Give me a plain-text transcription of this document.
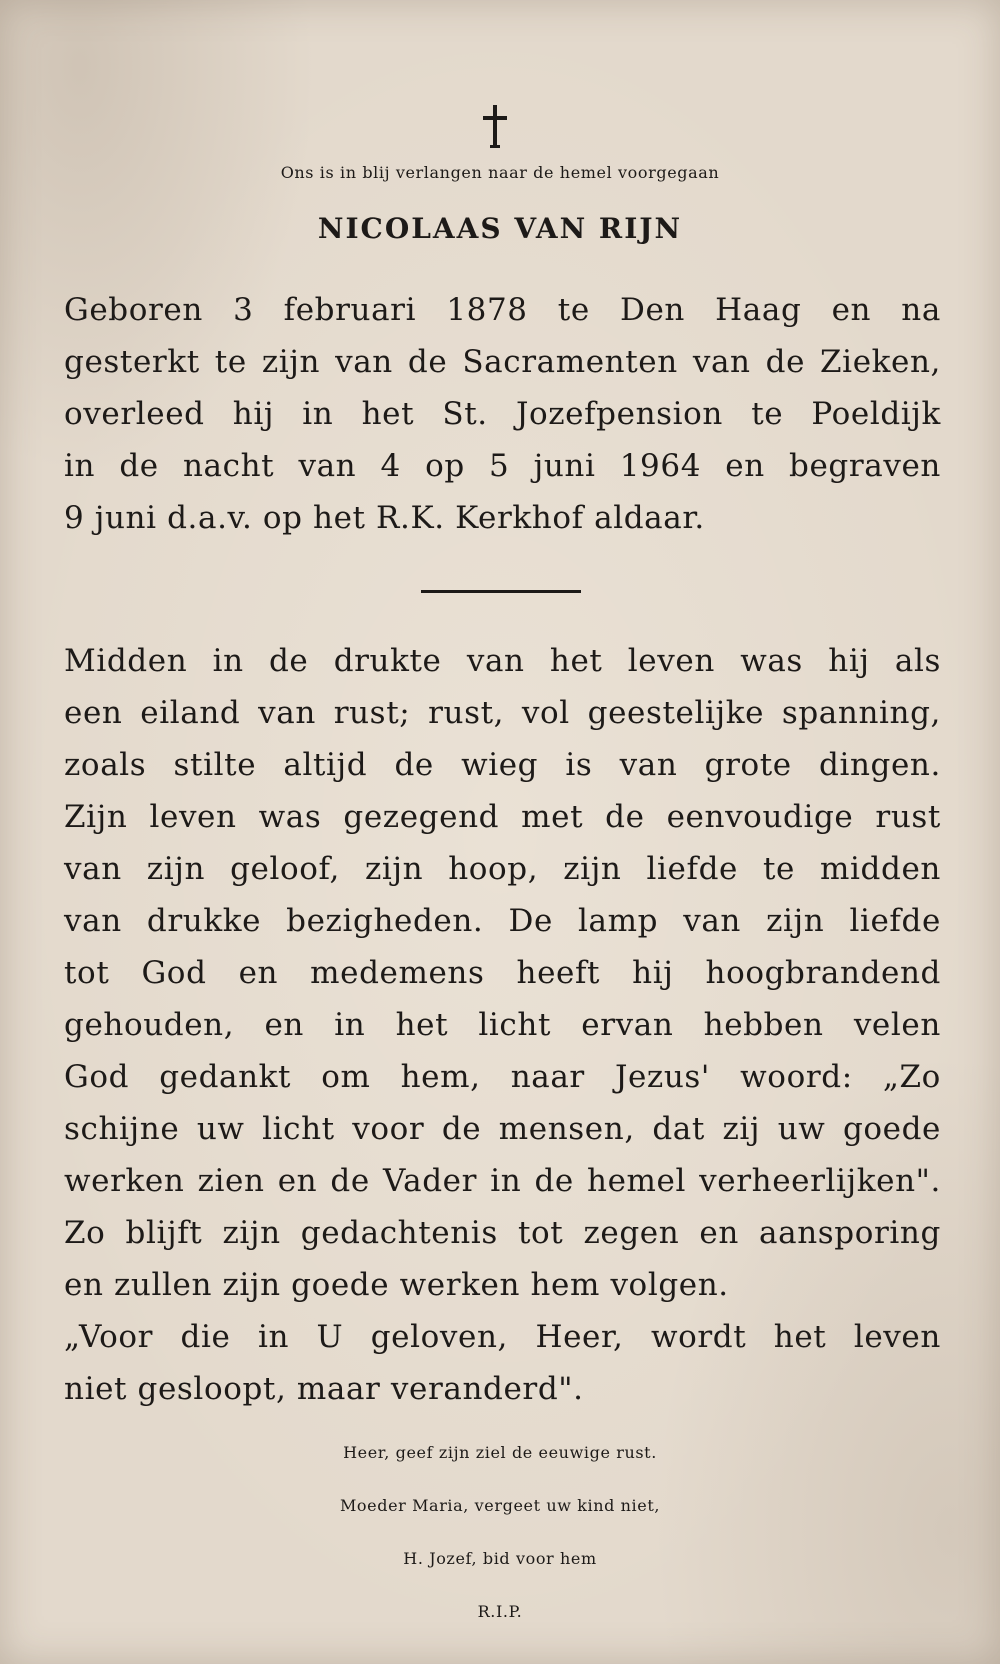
Ons is in blij verlangen naar de hemel voorgegaan
NICOLAAS VAN RIJN
Geboren 3 februari 1878 te Den Haag en na
gesterkt te zijn van de Sacramenten van de Zieken,
overleed hij in het St. Jozefpension te Poeldijk
in de nacht van 4 op 5 juni 1964 en begraven
9 juni d.a.v. op het R.K. Kerkhof aldaar.
Midden in de drukte van het leven was hij als
een eiland van rust; rust, vol geestelijke spanning,
zoals stilte altijd de wieg is van grote dingen.
Zijn leven was gezegend met de eenvoudige rust
van zijn geloof, zijn hoop, zijn liefde te midden
van drukke bezigheden. De lamp van zijn liefde
tot God en medemens heeft hij hoogbrandend
gehouden, en in het licht ervan hebben velen
God gedankt om hem, naar Jezus' woord: „Zo
schijne uw licht voor de mensen, dat zij uw goede
werken zien en de Vader in de hemel verheerlijken".
Zo blijft zijn gedachtenis tot zegen en aansporing
en zullen zijn goede werken hem volgen.
„Voor die in U geloven, Heer, wordt het leven
niet gesloopt, maar veranderd".
Heer, geef zijn ziel de eeuwige rust.
Moeder Maria, vergeet uw kind niet,
H. Jozef, bid voor hem
R.I.P.
